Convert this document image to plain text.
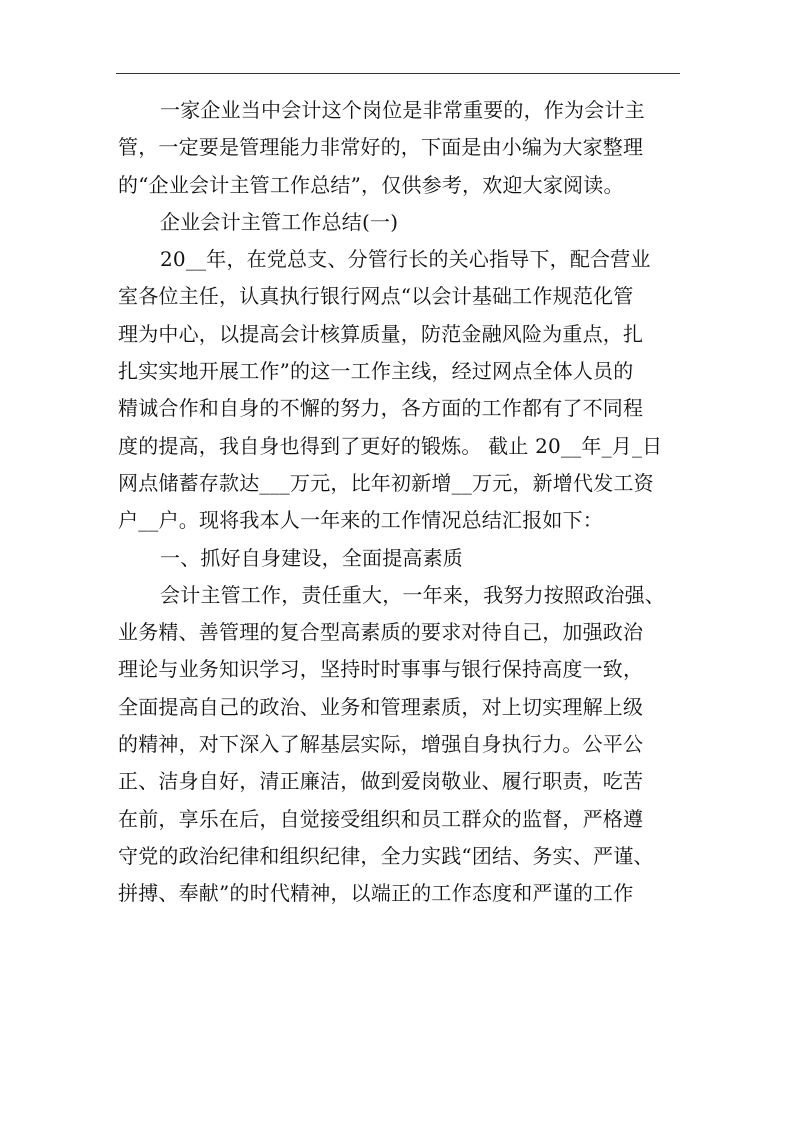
一家企业当中会计这个岗位是非常重要的，作为会计主
管，一定要是管理能力非常好的，下面是由小编为大家整理
的“企业会计主管工作总结”，仅供参考，欢迎大家阅读。
企业会计主管工作总结(一)
20__年，在党总支、分管行长的关心指导下，配合营业
室各位主任，认真执行银行网点“以会计基础工作规范化管
理为中心，以提高会计核算质量，防范金融风险为重点，扎
扎实实地开展工作”的这一工作主线，经过网点全体人员的
精诚合作和自身的不懈的努力，各方面的工作都有了不同程
度的提高，我自身也得到了更好的锻炼。 截止 20__年_月_日
网点储蓄存款达___万元，比年初新增__万元，新增代发工资
户__户。现将我本人一年来的工作情况总结汇报如下：
一、抓好自身建设，全面提高素质
会计主管工作，责任重大，一年来，我努力按照政治强、
业务精、善管理的复合型高素质的要求对待自己，加强政治
理论与业务知识学习，坚持时时事事与银行保持高度一致，
全面提高自己的政治、业务和管理素质，对上切实理解上级
的精神，对下深入了解基层实际，增强自身执行力。公平公
正、洁身自好，清正廉洁，做到爱岗敬业、履行职责，吃苦
在前，享乐在后，自觉接受组织和员工群众的监督，严格遵
守党的政治纪律和组织纪律，全力实践“团结、务实、严谨、
拼搏、奉献”的时代精神，以端正的工作态度和严谨的工作
